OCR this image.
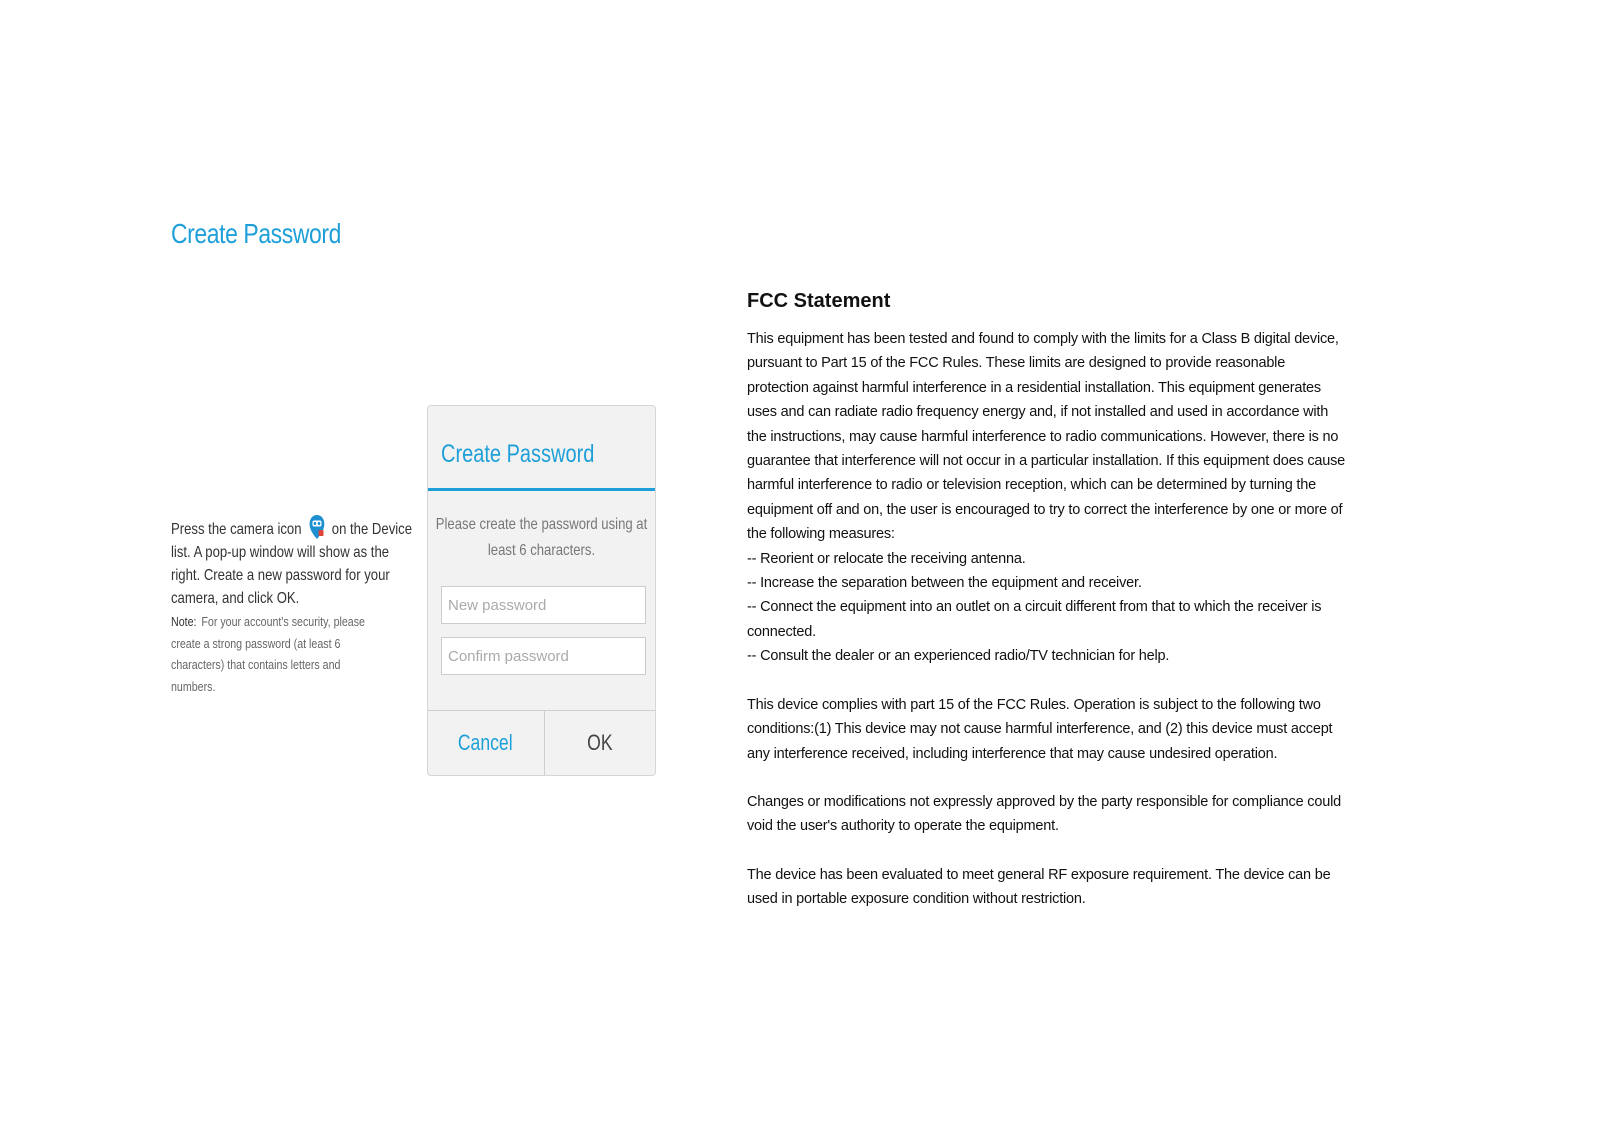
Create Password
Press the camera icon on the Device list. A pop-up window will show as the right. Create a new password for your camera, and click OK.
Note: For your account's security, please create a strong password (at least 6 characters) that contains letters and numbers.
Create Password
Please create the password using at least 6 characters.
Cancel	OK
FCC Statement

This equipment has been tested and found to comply with the limits for a Class B digital device, pursuant to Part 15 of the FCC Rules. These limits are designed to provide reasonable protection against harmful interference in a residential installation. This equipment generates uses and can radiate radio frequency energy and, if not installed and used in accordance with the instructions, may cause harmful interference to radio communications. However, there is no guarantee that interference will not occur in a particular installation. If this equipment does cause harmful interference to radio or television reception, which can be determined by turning the equipment off and on, the user is encouraged to try to correct the interference by one or more of the following measures:

-- Reorient or relocate the receiving antenna.

-- Increase the separation between the equipment and receiver.

-- Connect the equipment into an outlet on a circuit different from that to which the receiver is connected.

-- Consult the dealer or an experienced radio/TV technician for help.

This device complies with part 15 of the FCC Rules. Operation is subject to the following two conditions:(1) This device may not cause harmful interference, and (2) this device must accept any interference received, including interference that may cause undesired operation.

Changes or modifications not expressly approved by the party responsible for compliance could void the user's authority to operate the equipment.

The device has been evaluated to meet general RF exposure requirement. The device can be used in portable exposure condition without restriction.
